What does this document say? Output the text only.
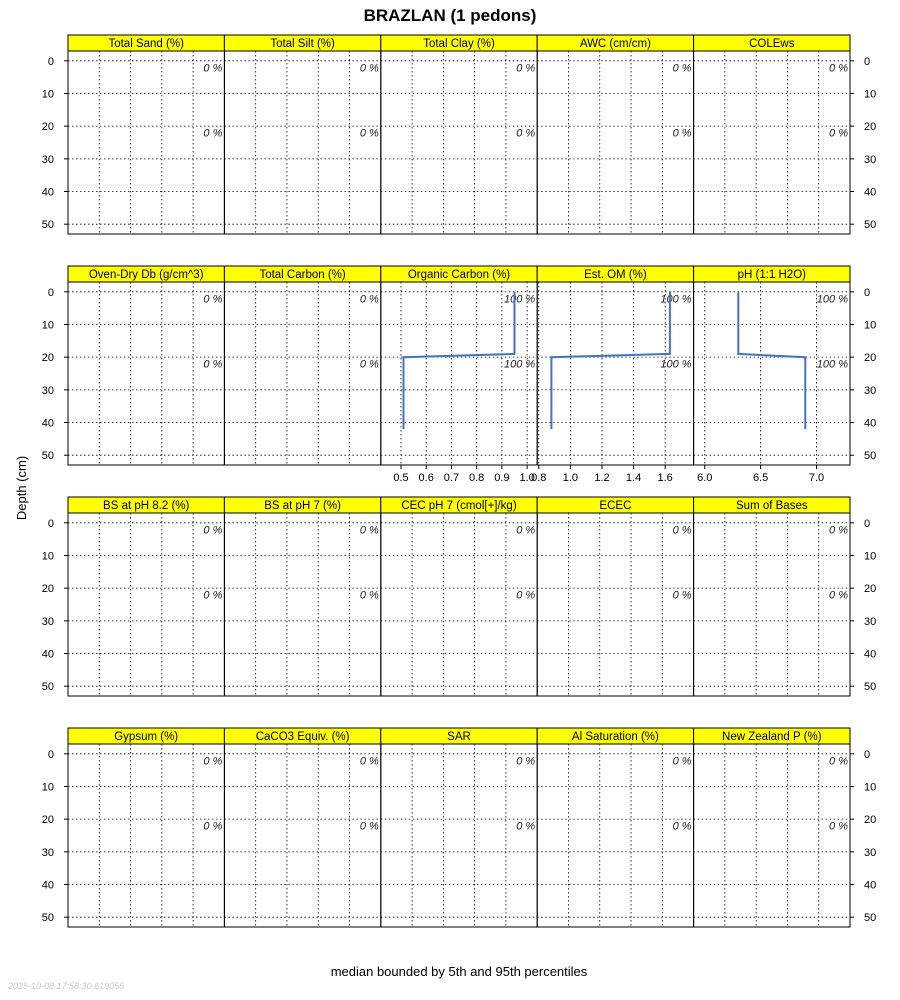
BRAZLAN (1 pedons)
Depth (cm)
median bounded by 5th and 95th percentiles
2025-10-08 17:58:30.619055
Total Sand (%)
0 %
0 %
Total Silt (%)
0 %
0 %
Total Clay (%)
0 %
0 %
AWC (cm/cm)
0 %
0 %
COLEws
0 %
0 %
0	0
10	10
20	20
30	30
40	40
50	50
Oven-Dry Db (g/cm^3)
0 %
0 %
Total Carbon (%)
0 %
0 %
Organic Carbon (%)
100 %
100 %
0.5 0.6 0.7 0.8 0.9 1.0
Est. OM (%)
100 %
100 %
0.8 1.0 1.2 1.4 1.6
pH (1:1 H2O)
100 %
100 %
6.0	6.5	7.0
0	0
10	10
20	20
30	30
40	40
50	50
BS at pH 8.2 (%)
0 %
0 %
BS at pH 7 (%)
0 %
0 %
CEC pH 7 (cmol[+]/kg)
0 %
0 %
ECEC
0 %
0 %
Sum of Bases
0 %
0 %
0	0
10	10
20	20
30	30
40	40
50	50
Gypsum (%)
0 %
0 %
CaCO3 Equiv. (%)
0 %
0 %
SAR
0 %
0 %
Al Saturation (%)
0 %
0 %
New Zealand P (%)
0 %
0 %
0	0
10	10
20	20
30	30
40	40
50	50
